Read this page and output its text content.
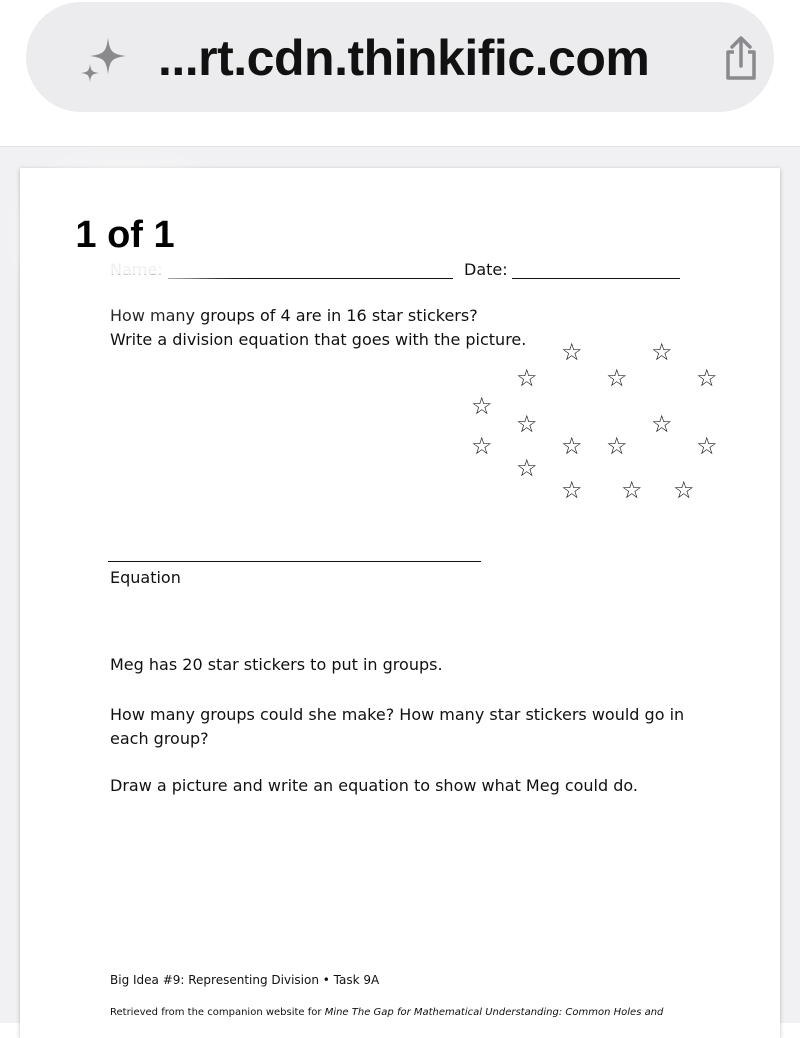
...rt.cdn.thinkific.com
Date:
How many groups of 4 are in 16 star stickers?
Write a division equation that goes with the picture. ☆	☆
☆	☆	☆
☆
☆	☆
☆	☆ ☆	☆
☆
☆ ☆ ☆
Equation
Meg has 20 star stickers to put in groups.
How many groups could she make? How many star stickers would go in
each group?
Draw a picture and write an equation to show what Meg could do.
Big Idea #9: Representing Division • Task 9A
Retrieved from the companion website for Mine The Gap for Mathematical Understanding: Common Holes and
1 of 1
